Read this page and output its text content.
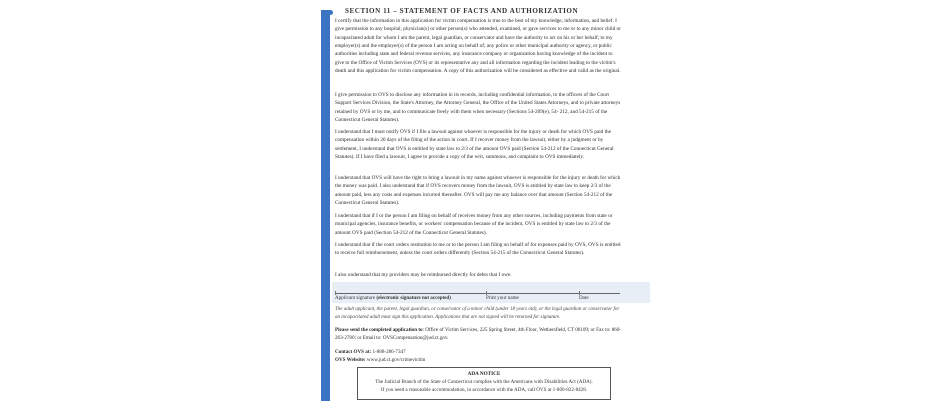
SECTION 11 – STATEMENT OF FACTS AND AUTHORIZATION

I certify that the information in this application for victim compensation is true to the best of my knowledge, information, and belief. I give permission to any hospital, physician(s) or other person(s) who attended, examined, or gave services to me or to any minor child or incapacitated adult for whom I am the parent, legal guardian, or conservator and have the authority to act on his or her behalf; to my employer(s) and the employer(s) of the person I am acting on behalf of; any police or other municipal authority or agency, or public authorities including state and federal revenue services, any insurance company or organization having knowledge of the incident to give to the Office of Victim Services (OVS) or its representative any and all information regarding the incident leading to the victim's death and this application for victim compensation. A copy of this authorization will be considered as effective and valid as the original.

I give permission to OVS to disclose any information in its records, including confidential information, to the officers of the Court Support Services Division, the State's Attorney, the Attorney General, the Office of the United States Attorneys, and to private attorneys retained by OVS or by me, and to communicate freely with them when necessary (Sections 54-209(e), 54- 212, and 54-215 of the Connecticut General Statutes).

I understand that I must notify OVS if I file a lawsuit against whoever is responsible for the injury or death for which OVS paid the compensation within 30 days of the filing of the action in court. If I recover money from the lawsuit, either by a judgment or by settlement, I understand that OVS is entitled by state law to 2/3 of the amount OVS paid (Section 54-212 of the Connecticut General Statutes). If I have filed a lawsuit, I agree to provide a copy of the writ, summons, and complaint to OVS immediately.

I understand that OVS will have the right to bring a lawsuit in my name against whoever is responsible for the injury or death for which the money was paid. I also understand that if OVS recovers money from the lawsuit, OVS is entitled by state law to keep 2/3 of the amount paid, less any costs and expenses incurred thereafter. OVS will pay me any balance over that amount (Section 54-212 of the Connecticut General Statutes).

I understand that if I or the person I am filing on behalf of receives money from any other sources, including payments from state or municipal agencies, insurance benefits, or workers' compensation because of the incident, OVS is entitled by state law to 2/3 of the amount OVS paid (Section 54-212 of the Connecticut General Statutes).

I understand that if the court orders restitution to me or to the person I am filing on behalf of for expenses paid by OVS, OVS is entitled to receive full reimbursement, unless the court orders differently (Section 54-215 of the Connecticut General Statutes).

I also understand that my providers may be reimbursed directly for debts that I owe.

Applicant signature (electronic signature not accepted)	Print your name	Date

The adult applicant, the parent, legal guardian, or conservator of a minor child (under 18 years old), or the legal guardian or conservator for an incapacitated adult must sign this application. Applications that are not signed will be returned for signature.

Please send the completed application to: Office of Victim Services, 225 Spring Street, 4th Floor, Wethersfield, CT 06109; or Fax to: 860-263-2780; or Email to: OVSCompensation@jud.ct.gov.

Contact OVS at: 1-888-286-7347
OVS Website: www.jud.ct.gov/crimevictim

ADA NOTICE
The Judicial Branch of the State of Connecticut complies with the Americans with Disabilities Act (ADA).
If you need a reasonable accommodation, in accordance with the ADA, call OVS at 1-800-822-8428.
